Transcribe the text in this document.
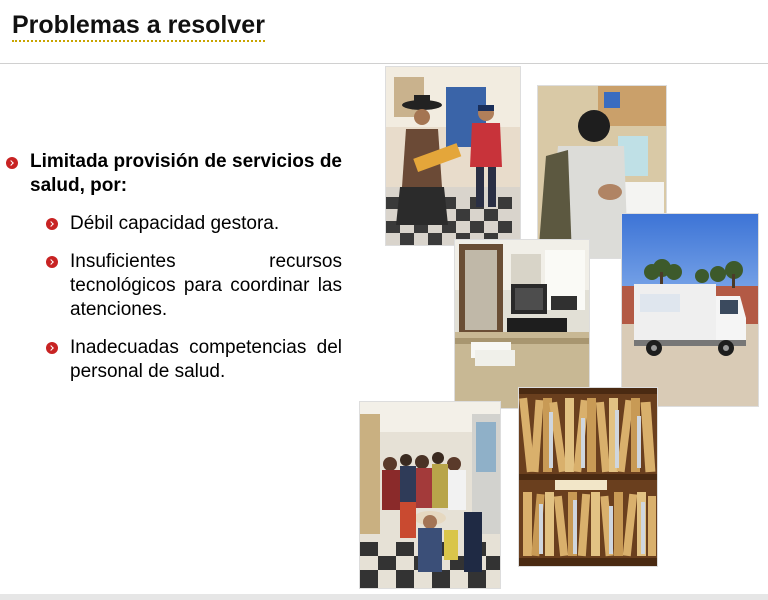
Problemas a resolver
Limitada provisión de servicios de salud, por:
Débil capacidad gestora.
Insuficientes recursos tecnológicos para coordinar las atenciones.
Inadecuadas competencias del personal de salud.
